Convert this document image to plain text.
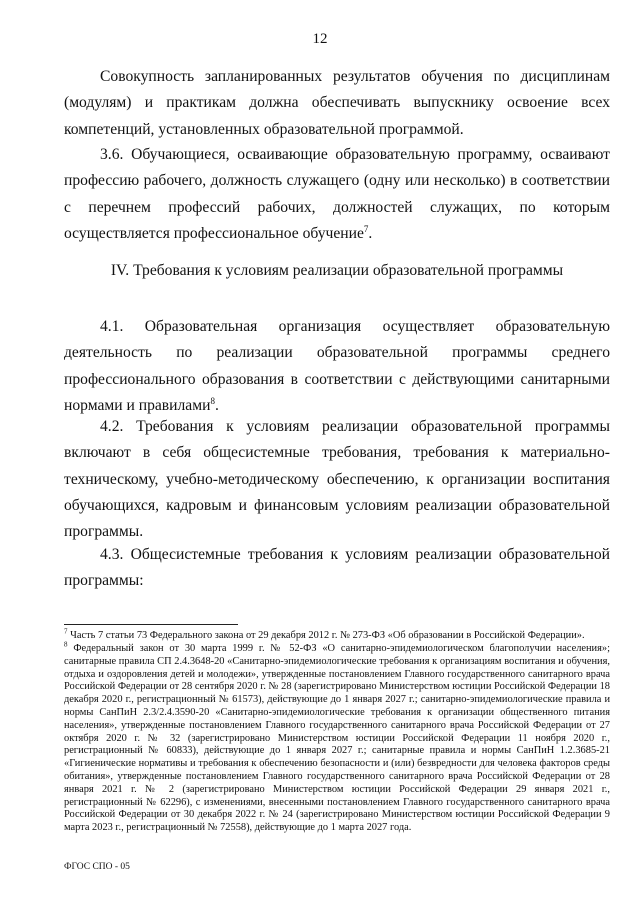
12
Совокупность запланированных результатов обучения по дисциплинам (модулям) и практикам должна обеспечивать выпускнику освоение всех компетенций, установленных образовательной программой.
3.6. Обучающиеся, осваивающие образовательную программу, осваивают профессию рабочего, должность служащего (одну или несколько) в соответствии с перечнем профессий рабочих, должностей служащих, по которым осуществляется профессиональное обучение$^7$.
IV. Требования к условиям реализации образовательной программы
4.1. Образовательная организация осуществляет образовательную деятельность по реализации образовательной программы среднего профессионального образования в соответствии с действующими санитарными нормами и правилами$^8$.
4.2. Требования к условиям реализации образовательной программы включают в себя общесистемные требования, требования к материально-техническому, учебно-методическому обеспечению, к организации воспитания обучающихся, кадровым и финансовым условиям реализации образовательной программы.
4.3. Общесистемные требования к условиям реализации образовательной программы:
$^7$ Часть 7 статьи 73 Федерального закона от 29 декабря 2012 г. № 273-ФЗ «Об образовании в Российской Федерации».
$^8$ Федеральный закон от 30 марта 1999 г. № 52-ФЗ «О санитарно-эпидемиологическом благополучии населения»; санитарные правила СП 2.4.3648-20 «Санитарно-эпидемиологические требования к организациям воспитания и обучения, отдыха и оздоровления детей и молодежи», утвержденные постановлением Главного государственного санитарного врача Российской Федерации от 28 сентября 2020 г. № 28 (зарегистрировано Министерством юстиции Российской Федерации 18 декабря 2020 г., регистрационный № 61573), действующие до 1 января 2027 г.; санитарно-эпидемиологические правила и нормы СанПиН 2.3/2.4.3590-20 «Санитарно-эпидемиологические требования к организации общественного питания населения», утвержденные постановлением Главного государственного санитарного врача Российской Федерации от 27 октября 2020 г. № 32 (зарегистрировано Министерством юстиции Российской Федерации 11 ноября 2020 г., регистрационный № 60833), действующие до 1 января 2027 г.; санитарные правила и нормы СанПиН 1.2.3685-21 «Гигиенические нормативы и требования к обеспечению безопасности и (или) безвредности для человека факторов среды обитания», утвержденные постановлением Главного государственного санитарного врача Российской Федерации от 28 января 2021 г. № 2 (зарегистрировано Министерством юстиции Российской Федерации 29 января 2021 г., регистрационный № 62296), с изменениями, внесенными постановлением Главного государственного санитарного врача Российской Федерации от 30 декабря 2022 г. № 24 (зарегистрировано Министерством юстиции Российской Федерации 9 марта 2023 г., регистрационный № 72558), действующие до 1 марта 2027 года.
ФГОС СПО - 05
